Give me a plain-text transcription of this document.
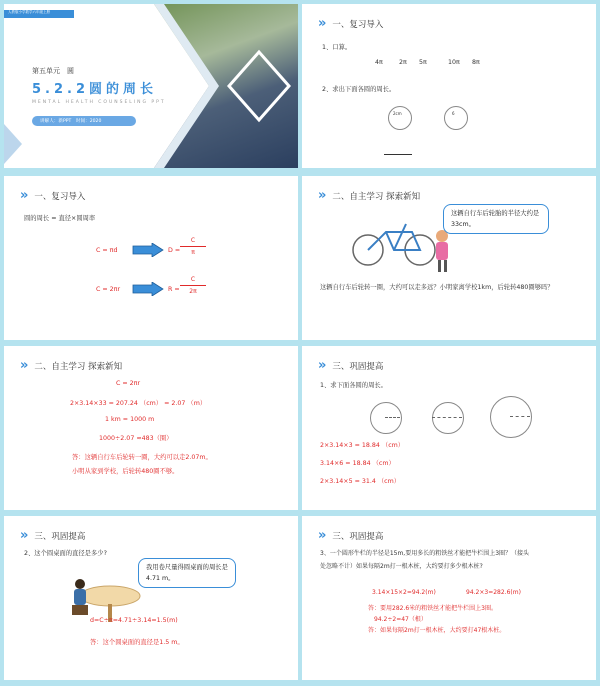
人教版小学数学六年级上册
第五单元　圆
5.2.2圆的周长
MENTAL HEALTH COUNSELING PPT
讲解人：新PPT　时间：2020
» 一、复习导入
1、口算。
4π	2π 5π	10π 8π
2、求出下面各圆的周长。
2cm	6
» 一、复习导入
圆的周长 = 直径×圆周率
C = πd	D =
C
π
C = 2πr	R =
C
2π
» 二、自主学习 探索新知
这辆自行车后轮胎的半径大约是33cm。
这辆自行车后轮转一圈，大约可以走多远？小明家离学校1km，后轮转480圈够吗？
» 二、自主学习 探索新知
C = 2πr
2×3.14×33 = 207.24 （cm） = 2.07 （m）
1 km = 1000 m
1000÷2.07 ≈483（圈）
答：这辆自行车后轮转一圈，大约可以走2.07m。
小明从家到学校，后轮转480圈不够。
» 三、巩固提高
1、求下面各圆的周长。
2×3.14×3 = 18.84 （cm）
3.14×6 = 18.84 （cm）
2×3.14×5 = 31.4 （cm）
» 三、巩固提高
2、这个圆桌面的直径是多少?
我用卷尺量得圆桌面的周长是4.71 m。
d=C÷π=4.71÷3.14=1.5(m)
答：这个圆桌面的直径是1.5 m。
» 三、巩固提高
3、一个圆形牛栏的半径是15m,要用多长的粗铁丝才能把牛栏围上3圈？（接头
处忽略不计）如果每隔2m打一根木桩，大约要打多少根木桩?
3.14×15×2=94.2(m)	94.2×3=282.6(m)
答：要用282.6米的粗铁丝才能把牛栏围上3圈。
94.2÷2=47（根）
答：如果每隔2m打一根木桩，大约要打47根木桩。
